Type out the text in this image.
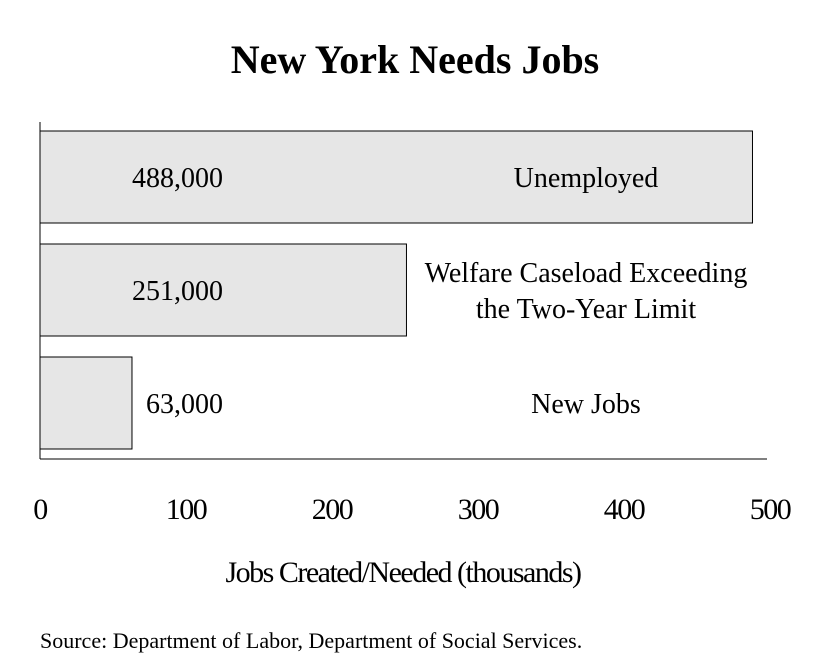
New York Needs Jobs
488,000	Unemployed
251,000
Welfare Caseload Exceeding the Two-Year Limit
63,000	New Jobs
0	100	200	300	400	500
Jobs Created/Needed (thousands)
Source: Department of Labor, Department of Social Services.
